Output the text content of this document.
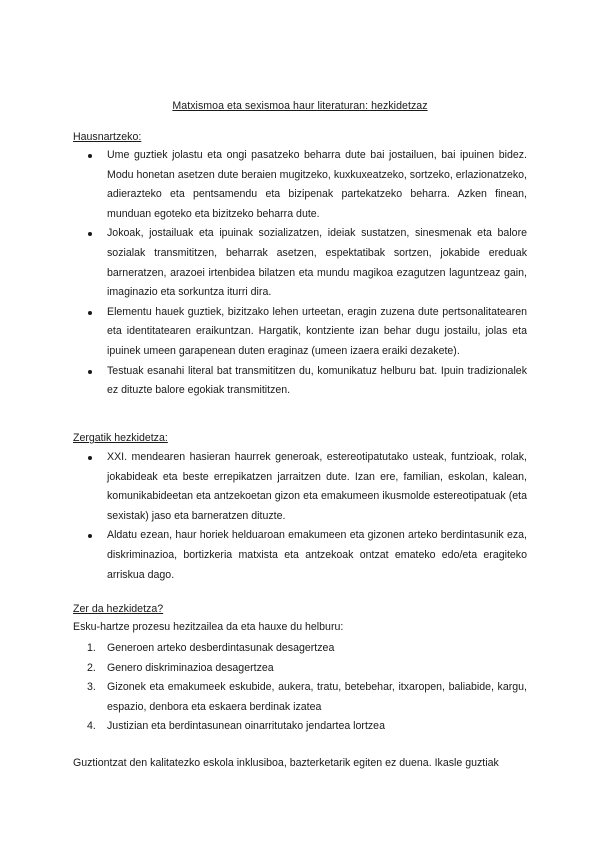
Matxismoa eta sexismoa haur literaturan: hezkidetzaz
Hausnartzeko:
Ume guztiek jolastu eta ongi pasatzeko beharra dute bai jostailuen, bai ipuinen bidez. Modu honetan asetzen dute beraien mugitzeko, kuxkuxeatzeko, sortzeko, erlazionatzeko, adierazteko eta pentsamendu eta bizipenak partekatzeko beharra. Azken finean, munduan egoteko eta bizitzeko beharra dute.
Jokoak, jostailuak eta ipuinak sozializatzen, ideiak sustatzen, sinesmenak eta balore sozialak transmititzen, beharrak asetzen, espektatibak sortzen, jokabide ereduak barneratzen, arazoei irtenbidea bilatzen eta mundu magikoa ezagutzen laguntzeaz gain, imaginazio eta sorkuntza iturri dira.
Elementu hauek guztiek, bizitzako lehen urteetan, eragin zuzena dute pertsonalitatearen eta identitatearen eraikuntzan. Hargatik, kontziente izan behar dugu jostailu, jolas eta ipuinek umeen garapenean duten eraginaz (umeen izaera eraiki dezakete).
Testuak esanahi literal bat transmititzen du, komunikatuz helburu bat. Ipuin tradizionalek ez dituzte balore egokiak transmititzen.
Zergatik hezkidetza:
XXI. mendearen hasieran haurrek generoak, estereotipatutako usteak, funtzioak, rolak, jokabideak eta beste errepikatzen jarraitzen dute. Izan ere, familian, eskolan, kalean, komunikabideetan eta antzekoetan gizon eta emakumeen ikusmolde estereotipatuak (eta sexistak) jaso eta barneratzen dituzte.
Aldatu ezean, haur horiek helduaroan emakumeen eta gizonen arteko berdintasunik eza, diskriminazioa, bortizkeria matxista eta antzekoak ontzat emateko edo/eta eragiteko arriskua dago.
Zer da hezkidetza?
Esku-hartze prozesu hezitzailea da eta hauxe du helburu:
1. Generoen arteko desberdintasunak desagertzea
2. Genero diskriminazioa desagertzea
3. Gizonek eta emakumeek eskubide, aukera, tratu, betebehar, itxaropen, baliabide, kargu, espazio, denbora eta eskaera berdinak izatea
4. Justizian eta berdintasunean oinarritutako jendartea lortzea
Guztiontzat den kalitatezko eskola inklusiboa, bazterketarik egiten ez duena. Ikasle guztiak
